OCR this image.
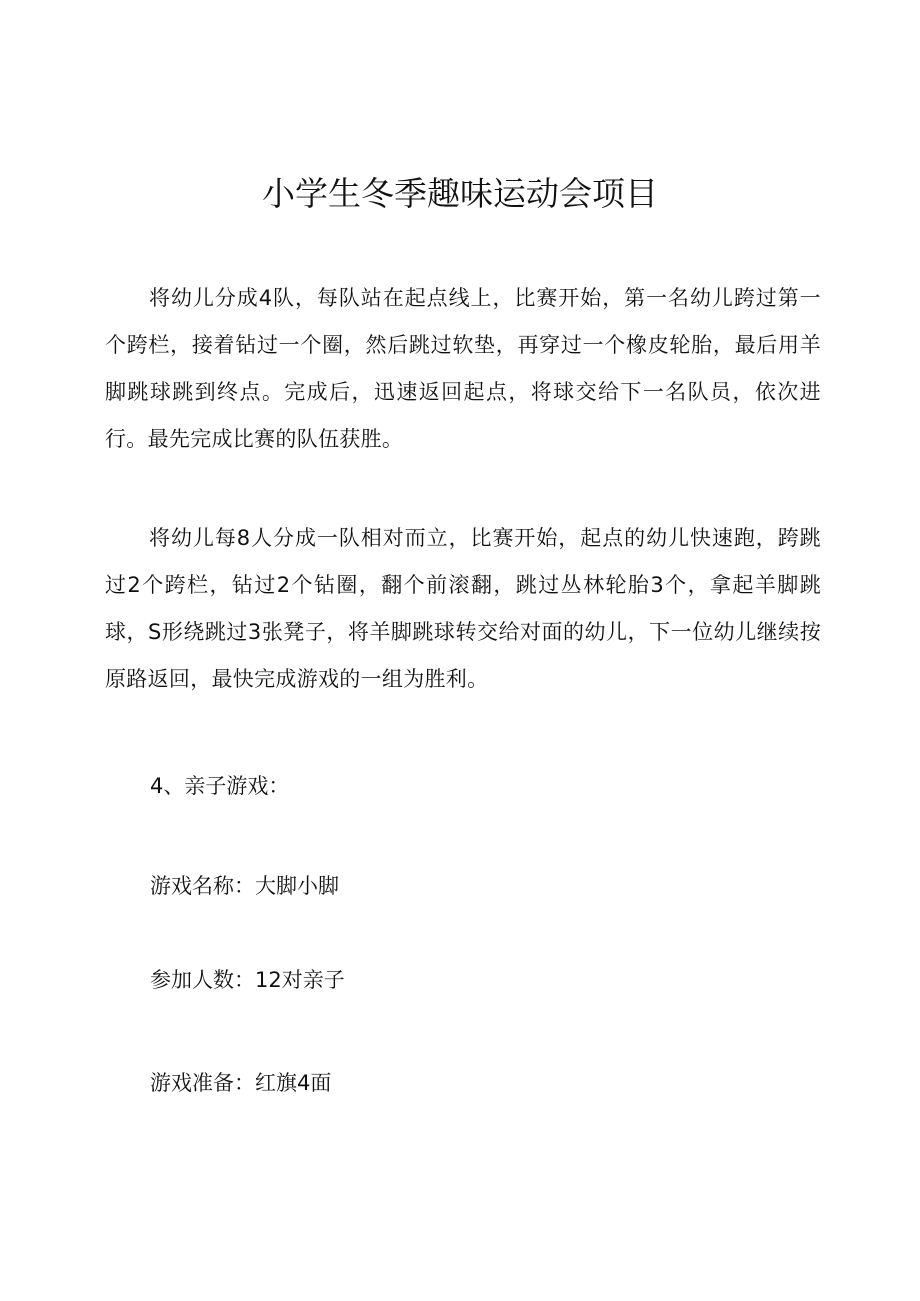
小学生冬季趣味运动会项目

将幼儿分成4队，每队站在起点线上，比赛开始，第一名幼儿跨过第一个跨栏，接着钻过一个圈，然后跳过软垫，再穿过一个橡皮轮胎，最后用羊脚跳球跳到终点。完成后，迅速返回起点，将球交给下一名队员，依次进行。最先完成比赛的队伍获胜。

将幼儿每8人分成一队相对而立，比赛开始，起点的幼儿快速跑，跨跳过2个跨栏，钻过2个钻圈，翻个前滚翻，跳过丛林轮胎3个，拿起羊脚跳球，S形绕跳过3张凳子，将羊脚跳球转交给对面的幼儿，下一位幼儿继续按原路返回，最快完成游戏的一组为胜利。

4、亲子游戏：

游戏名称：大脚小脚

参加人数：12对亲子

游戏准备：红旗4面
